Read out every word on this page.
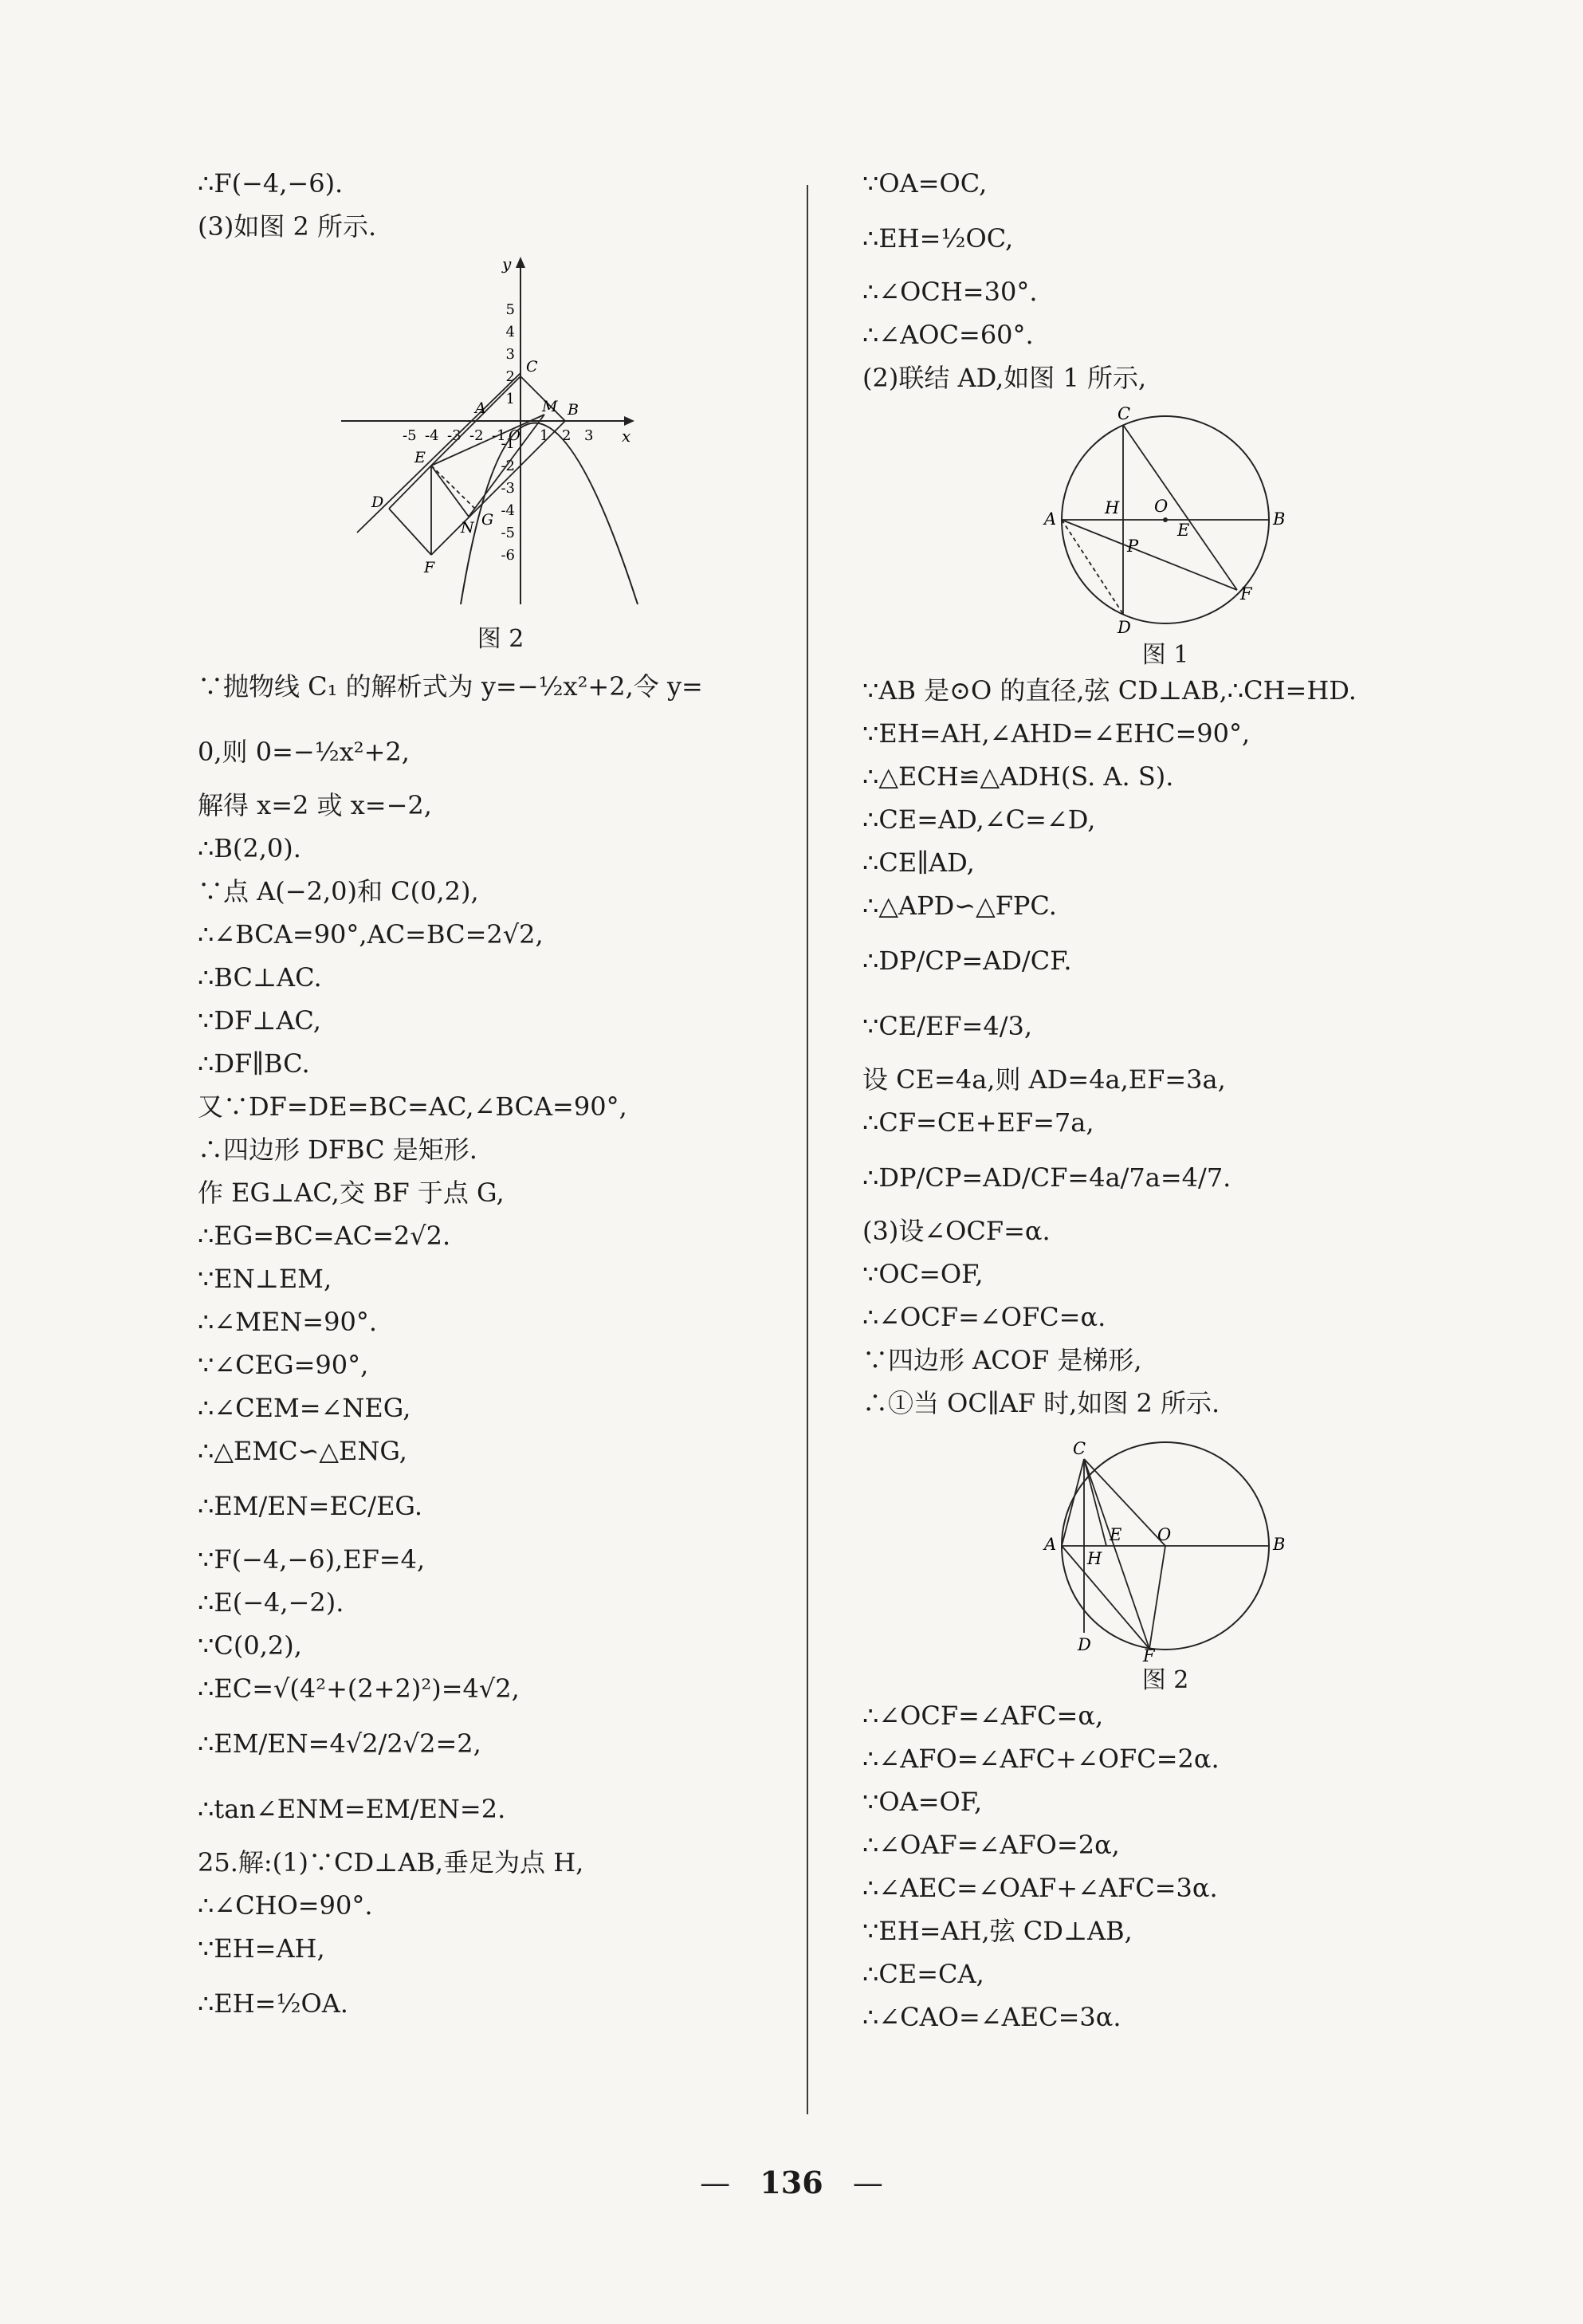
∴F(−4,−6).
(3)如图 2 所示.
x
y
-5 -4 -3 -2 -1 O 1 2 3
5
4
3
2
1
-1
-2
-3
-4
-5
-6
A	B
C
D
E
F
G
M
N
图 2
∵抛物线 C₁ 的解析式为 y=−½x²+2,令 y=
0,则 0=−½x²+2,
解得 x=2 或 x=−2,
∴B(2,0).
∵点 A(−2,0)和 C(0,2),
∴∠BCA=90°,AC=BC=2√2,
∴BC⊥AC.
∵DF⊥AC,
∴DF∥BC.
又∵DF=DE=BC=AC,∠BCA=90°,
∴四边形 DFBC 是矩形.
作 EG⊥AC,交 BF 于点 G,
∴EG=BC=AC=2√2.
∵EN⊥EM,
∴∠MEN=90°.
∵∠CEG=90°,
∴∠CEM=∠NEG,
∴△EMC∽△ENG,
∴EM/EN=EC/EG.
∵F(−4,−6),EF=4,
∴E(−4,−2).
∵C(0,2),
∴EC=√(4²+(2+2)²)=4√2,
∴EM/EN=4√2/2√2=2,
∴tan∠ENM=EM/EN=2.
25.解:(1)∵CD⊥AB,垂足为点 H,
∴∠CHO=90°.
∵EH=AH,
∴EH=½OA.
∵OA=OC,
∴EH=½OC,
∴∠OCH=30°.
∴∠AOC=60°.
(2)联结 AD,如图 1 所示,
C
A
H O
E
B
P
F
D
图 1
∵AB 是⊙O 的直径,弦 CD⊥AB,∴CH=HD.
∵EH=AH,∠AHD=∠EHC=90°,
∴△ECH≌△ADH(S. A. S).
∴CE=AD,∠C=∠D,
∴CE∥AD,
∴△APD∽△FPC.
∴DP/CP=AD/CF.
∵CE/EF=4/3,
设 CE=4a,则 AD=4a,EF=3a,
∴CF=CE+EF=7a,
∴DP/CP=AD/CF=4a/7a=4/7.
(3)设∠OCF=α.
∵OC=OF,
∴∠OCF=∠OFC=α.
∵四边形 ACOF 是梯形,
∴①当 OC∥AF 时,如图 2 所示.
C
A	E O	B
H
D
F
图 2
∴∠OCF=∠AFC=α,
∴∠AFO=∠AFC+∠OFC=2α.
∵OA=OF,
∴∠OAF=∠AFO=2α,
∴∠AEC=∠OAF+∠AFC=3α.
∵EH=AH,弦 CD⊥AB,
∴CE=CA,
∴∠CAO=∠AEC=3α.
— 136 —
